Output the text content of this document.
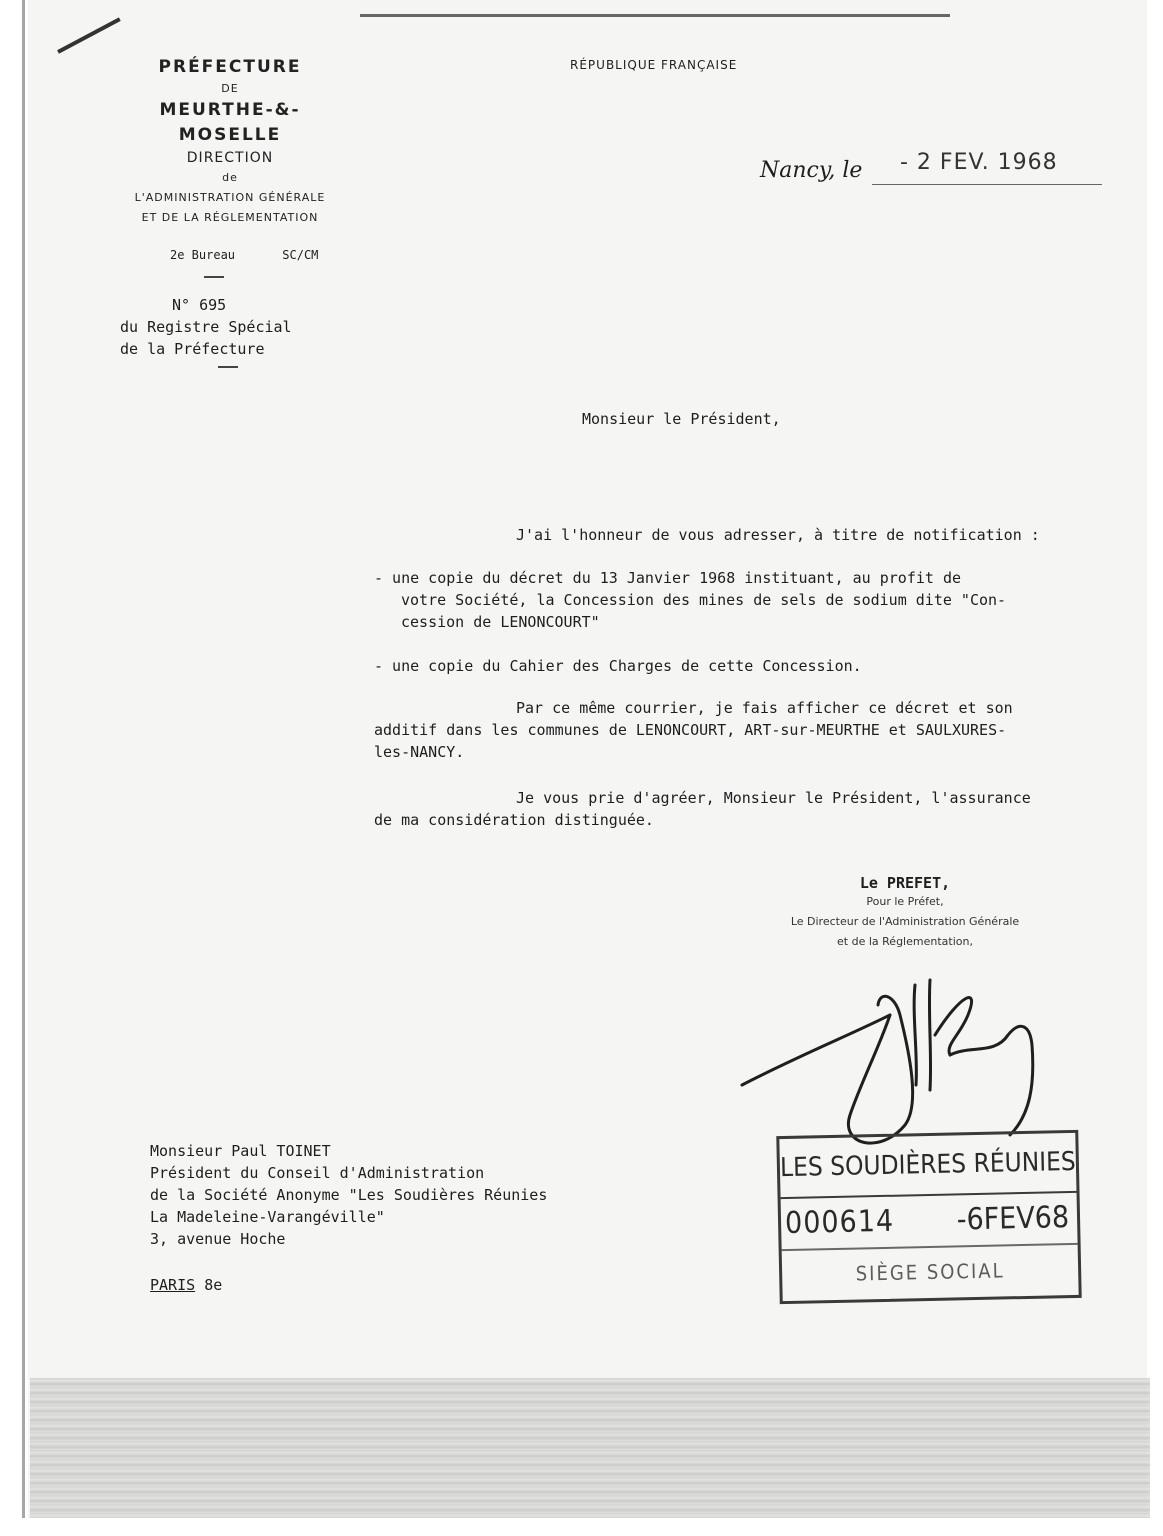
PRÉFECTURE
DE
MEURTHE-&-MOSELLE
DIRECTION
de
L'ADMINISTRATION GÉNÉRALE
ET DE LA RÉGLEMENTATION
2e Bureau	SC/CM
N° 695
du Registre Spécial
de la Préfecture
RÉPUBLIQUE FRANÇAISE
Nancy, le - 2 FEV. 1968
Monsieur le Président,
J'ai l'honneur de vous adresser, à titre de notification :
- une copie du décret du 13 Janvier 1968 instituant, au profit de
votre Société, la Concession des mines de sels de sodium dite "Con-
cession de LENONCOURT"
- une copie du Cahier des Charges de cette Concession.
Par ce même courrier, je fais afficher ce décret et son
additif dans les communes de LENONCOURT, ART-sur-MEURTHE et SAULXURES-
les-NANCY.
Je vous prie d'agréer, Monsieur le Président, l'assurance
de ma considération distinguée.
Le PREFET,
Pour le Préfet,
Le Directeur de l'Administration Générale
et de la Réglementation,
LES SOUDIÈRES RÉUNIES
000614 -6FEV68
SIÈGE SOCIAL
Monsieur Paul TOINET
Président du Conseil d'Administration
de la Société Anonyme "Les Soudières Réunies
La Madeleine-Varangéville"
3, avenue Hoche
PARIS 8e
